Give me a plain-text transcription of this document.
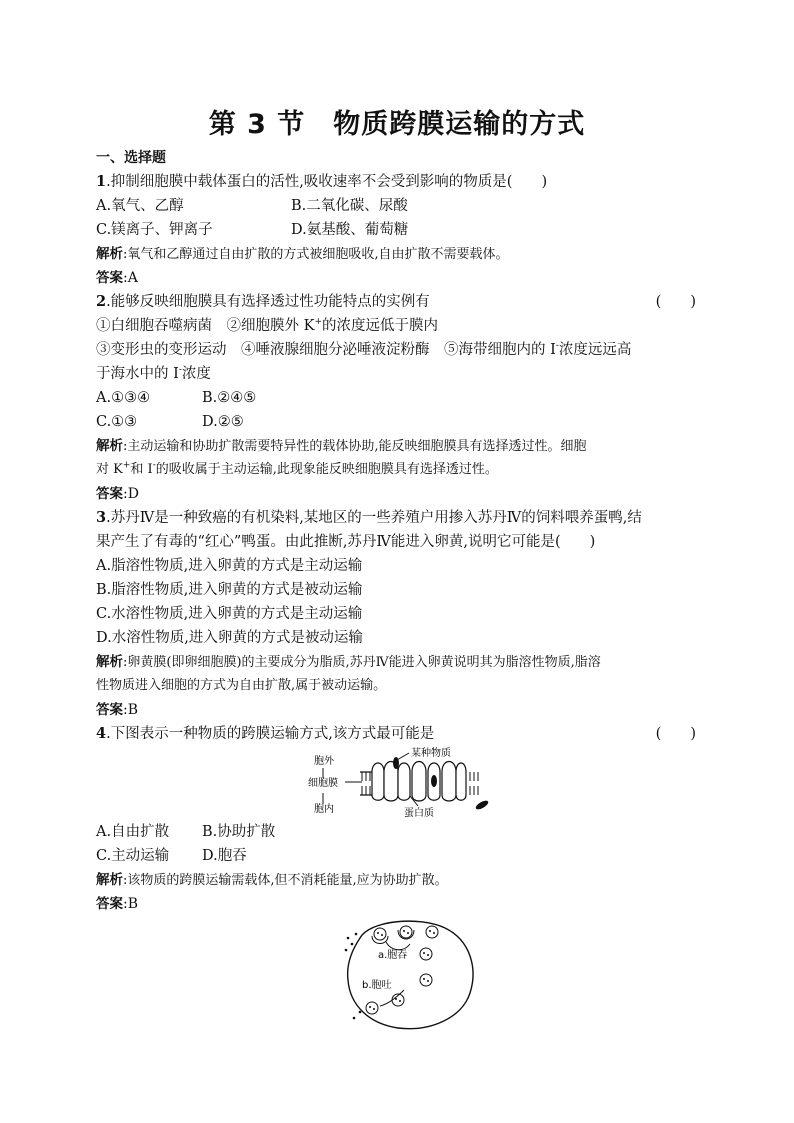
第 3 节　物质跨膜运输的方式
一、选择题
1.抑制细胞膜中载体蛋白的活性,吸收速率不会受到影响的物质是(　　)
A.氧气、乙醇	B.二氧化碳、尿酸
C.镁离子、钾离子	D.氨基酸、葡萄糖
解析:氧气和乙醇通过自由扩散的方式被细胞吸收,自由扩散不需要载体。
答案:A
2.能够反映细胞膜具有选择透过性功能特点的实例有	(　　)
①白细胞吞噬病菌　②细胞膜外 K+的浓度远低于膜内
③变形虫的变形运动　④唾液腺细胞分泌唾液淀粉酶　⑤海带细胞内的 I-浓度远远高
于海水中的 I-浓度
A.①③④	B.②④⑤
C.①③	D.②⑤
解析:主动运输和协助扩散需要特异性的载体协助,能反映细胞膜具有选择透过性。细胞
对 K+和 I-的吸收属于主动运输,此现象能反映细胞膜具有选择透过性。
答案:D
3.苏丹Ⅳ是一种致癌的有机染料,某地区的一些养殖户用掺入苏丹Ⅳ的饲料喂养蛋鸭,结
果产生了有毒的“红心”鸭蛋。由此推断,苏丹Ⅳ能进入卵黄,说明它可能是(　　)
A.脂溶性物质,进入卵黄的方式是主动运输
B.脂溶性物质,进入卵黄的方式是被动运输
C.水溶性物质,进入卵黄的方式是主动运输
D.水溶性物质,进入卵黄的方式是被动运输
解析:卵黄膜(即卵细胞膜)的主要成分为脂质,苏丹Ⅳ能进入卵黄说明其为脂溶性物质,脂溶
性物质进入细胞的方式为自由扩散,属于被动运输。
答案:B
4.下图表示一种物质的跨膜运输方式,该方式最可能是	(　　)
胞外
细胞膜
胞内
某种物质
蛋白质
A.自由扩散 B.协助扩散
C.主动运输 D.胞吞
解析:该物质的跨膜运输需载体,但不消耗能量,应为协助扩散。
答案:B
a.胞吞
b.胞吐
